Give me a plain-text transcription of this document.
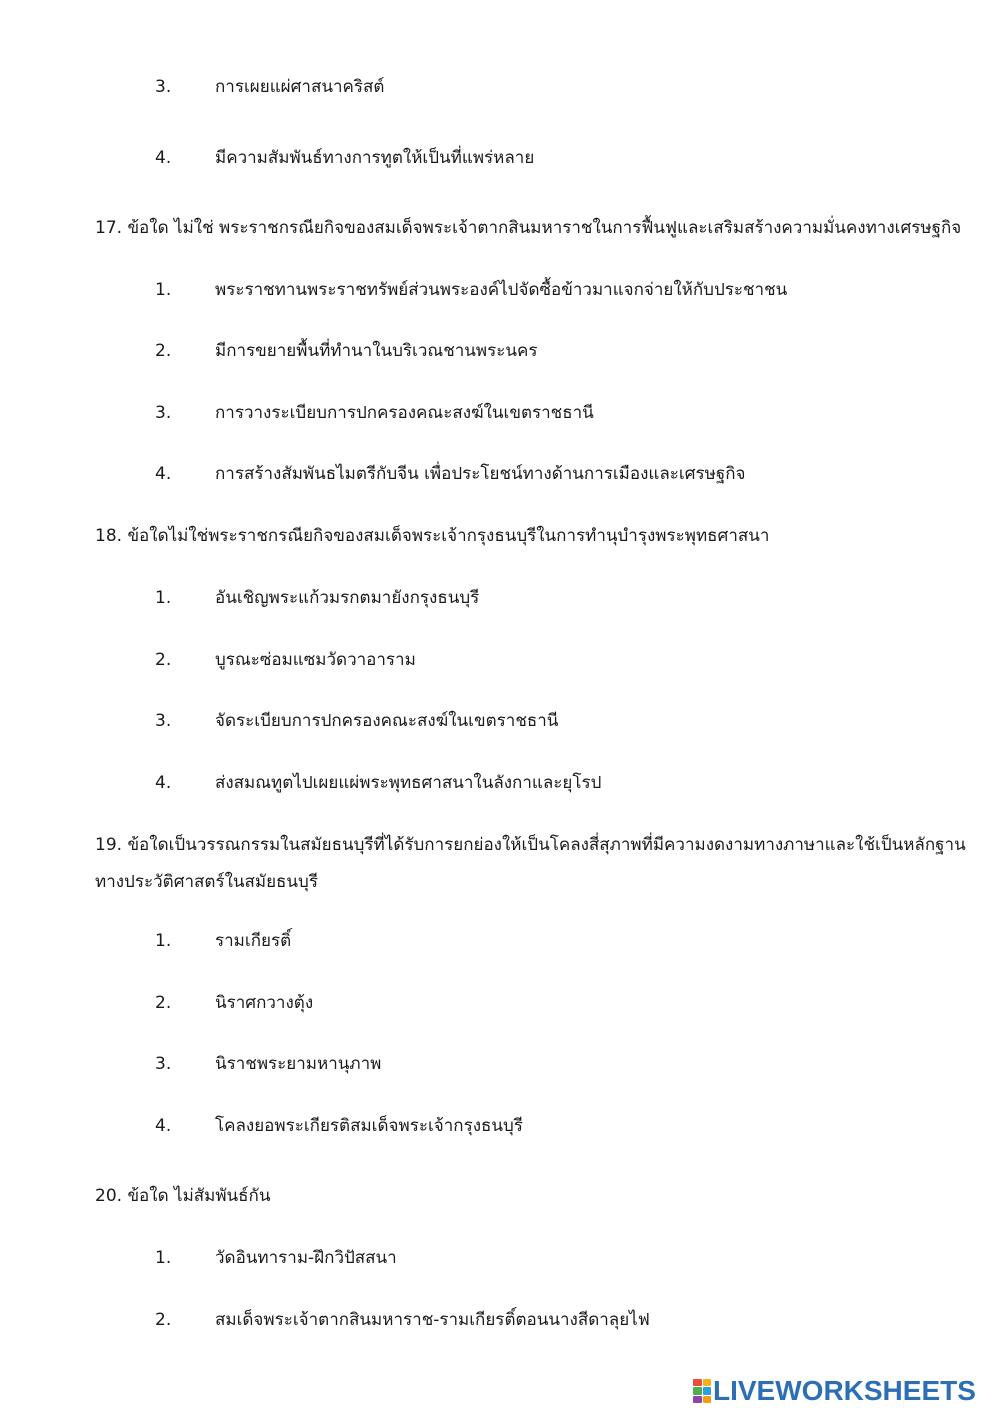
3.	การเผยแผ่ศาสนาคริสต์
4.	มีความสัมพันธ์ทางการทูตให้เป็นที่แพร่หลาย
17. ข้อใด ไม่ใช่ พระราชกรณียกิจของสมเด็จพระเจ้าตากสินมหาราชในการฟื้นฟูและเสริมสร้างความมั่นคงทางเศรษฐกิจ
1.	พระราชทานพระราชทรัพย์ส่วนพระองค์ไปจัดซื้อข้าวมาแจกจ่ายให้กับประชาชน
2.	มีการขยายพื้นที่ทำนาในบริเวณชานพระนคร
3.	การวางระเบียบการปกครองคณะสงฆ์ในเขตราชธานี
4.	การสร้างสัมพันธไมตรีกับจีน เพื่อประโยชน์ทางด้านการเมืองและเศรษฐกิจ
18. ข้อใดไม่ใช่พระราชกรณียกิจของสมเด็จพระเจ้ากรุงธนบุรีในการทำนุบำรุงพระพุทธศาสนา
1.	อันเชิญพระแก้วมรกตมายังกรุงธนบุรี
2.	บูรณะซ่อมแซมวัดวาอาราม
3.	จัดระเบียบการปกครองคณะสงฆ์ในเขตราชธานี
4.	ส่งสมณทูตไปเผยแผ่พระพุทธศาสนาในลังกาและยุโรป
19. ข้อใดเป็นวรรณกรรมในสมัยธนบุรีที่ได้รับการยกย่องให้เป็นโคลงสี่สุภาพที่มีความงดงามทางภาษาและใช้เป็นหลักฐาน
ทางประวัติศาสตร์ในสมัยธนบุรี
1.	รามเกียรติ์
2.	นิราศกวางตุ้ง
3.	นิราชพระยามหานุภาพ
4.	โคลงยอพระเกียรติสมเด็จพระเจ้ากรุงธนบุรี
20. ข้อใด ไม่สัมพันธ์กัน
1.	วัดอินทาราม-ฝึกวิปัสสนา
2.	สมเด็จพระเจ้าตากสินมหาราช-รามเกียรติ์ตอนนางสีดาลุยไฟ
LIVEWORKSHEETS
